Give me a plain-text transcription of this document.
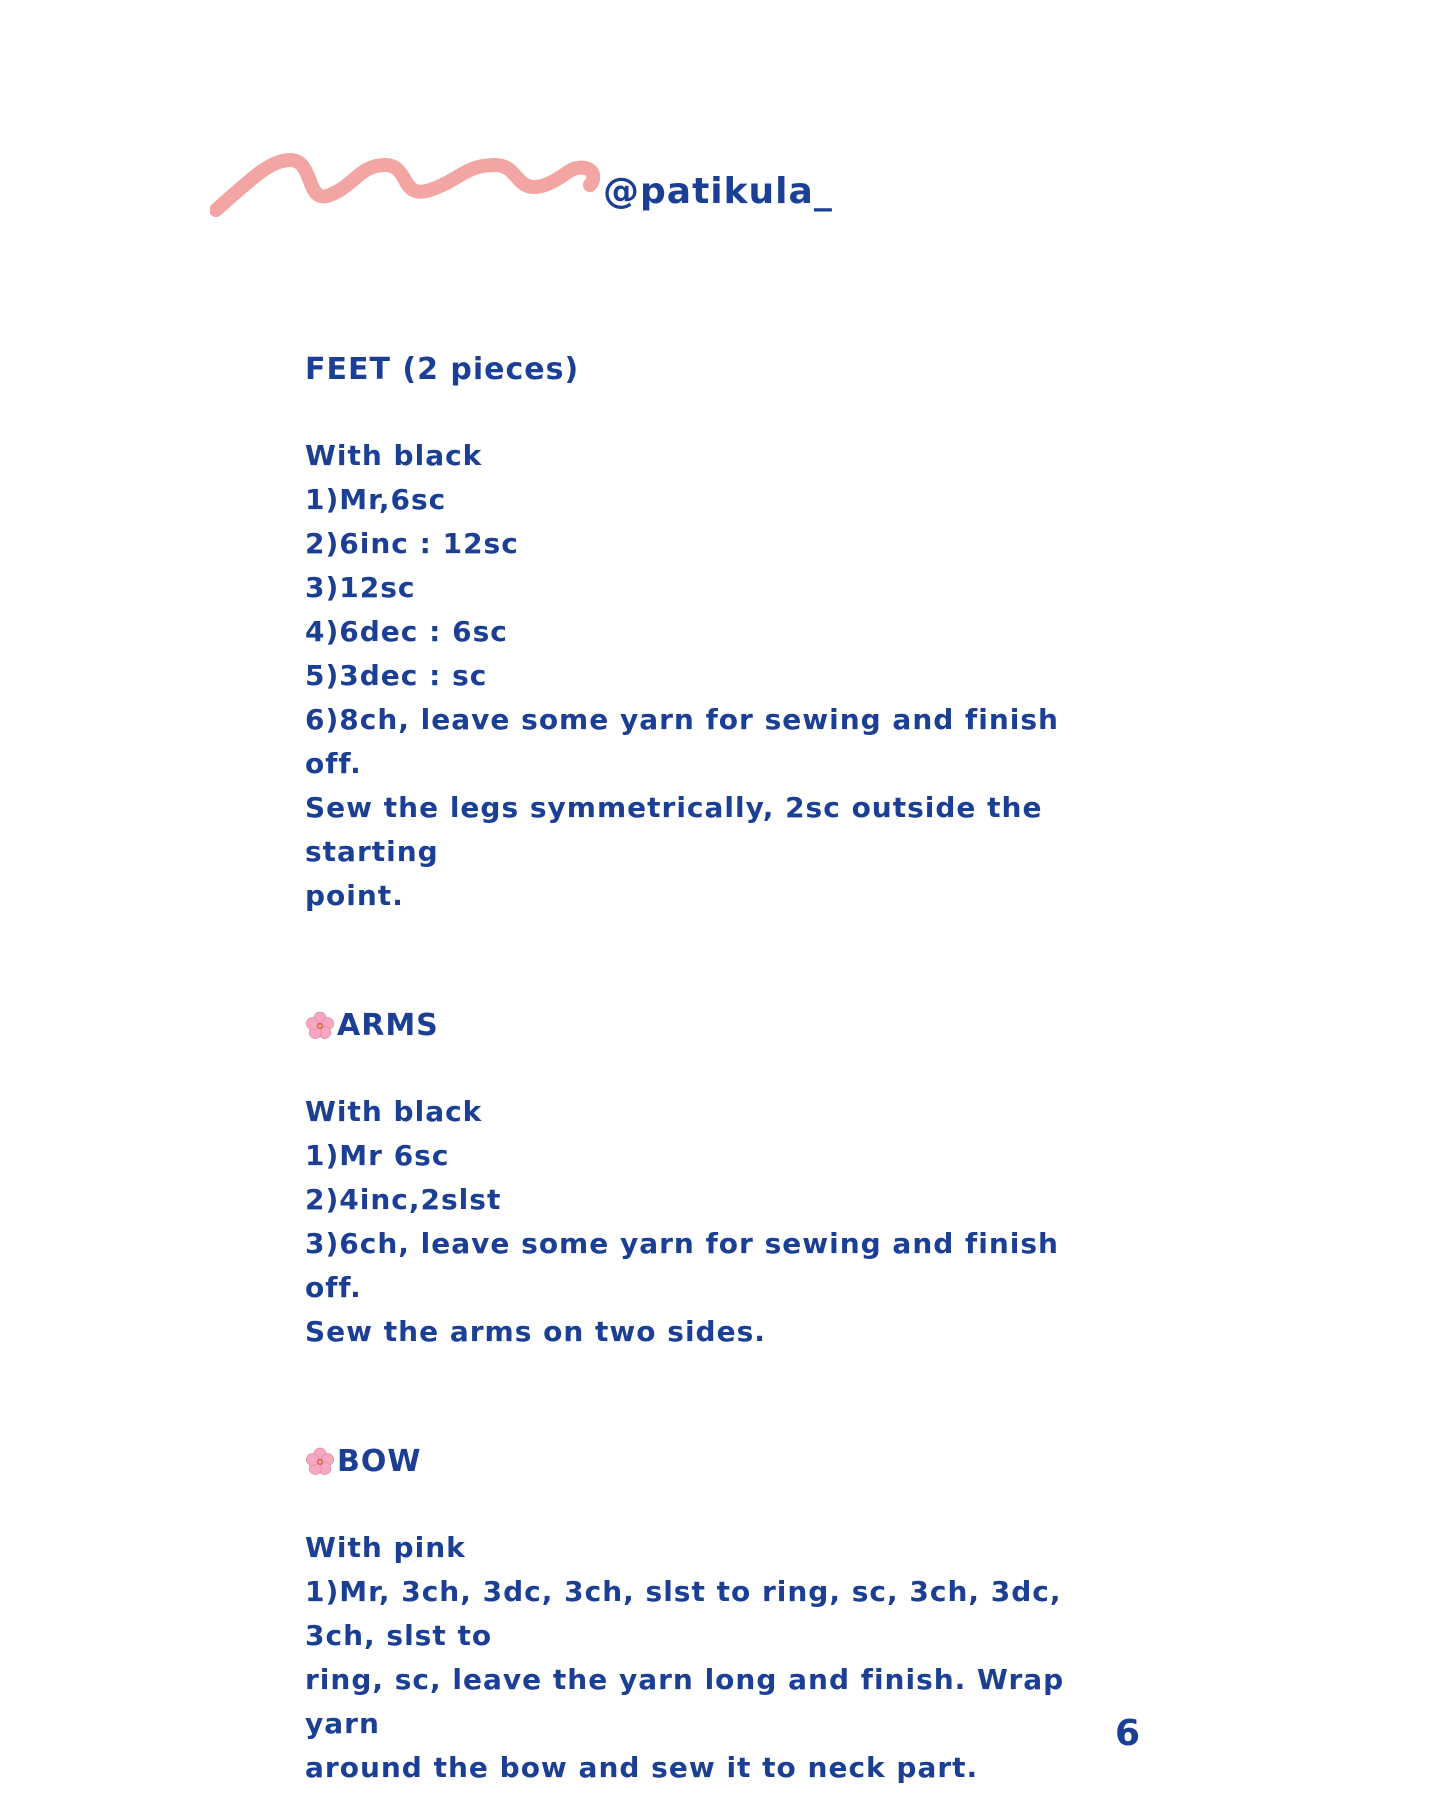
@patikula_
FEET (2 pieces)

With black

1)Mr,6sc

2)6inc : 12sc

3)12sc

4)6dec : 6sc

5)3dec : sc

6)8ch, leave some yarn for sewing and finish off.

Sew the legs symmetrically, 2sc outside the starting

point.

ARMS

With black

1)Mr 6sc

2)4inc,2slst

3)6ch, leave some yarn for sewing and finish off.

Sew the arms on two sides.

BOW

With pink

1)Mr, 3ch, 3dc, 3ch, slst to ring, sc, 3ch, 3dc, 3ch, slst to

ring, sc, leave the yarn long and finish. Wrap yarn

around the bow and sew it to neck part.

6
